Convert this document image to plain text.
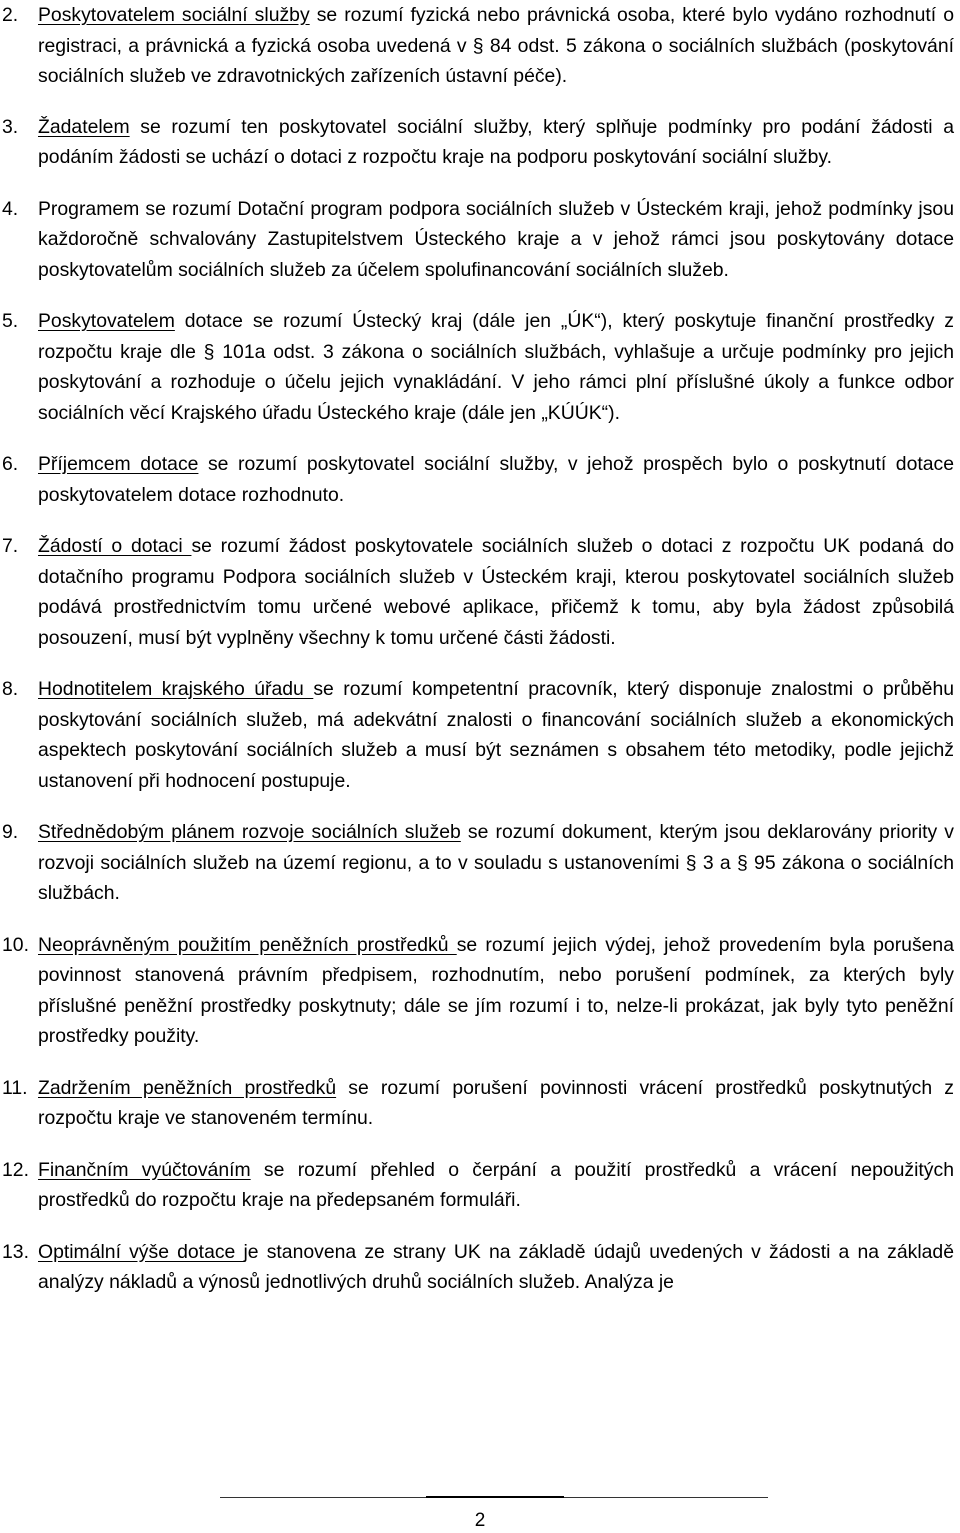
2. Poskytovatelem sociální služby se rozumí fyzická nebo právnická osoba, které bylo vydáno rozhodnutí o registraci, a právnická a fyzická osoba uvedená v § 84 odst. 5 zákona o sociálních službách (poskytování sociálních služeb ve zdravotnických zařízeních ústavní péče).
3. Žadatelem se rozumí ten poskytovatel sociální služby, který splňuje podmínky pro podání žádosti a podáním žádosti se uchází o dotaci z rozpočtu kraje na podporu poskytování sociální služby.
4. Programem se rozumí Dotační program podpora sociálních služeb v Ústeckém kraji, jehož podmínky jsou každoročně schvalovány Zastupitelstvem Ústeckého kraje a v jehož rámci jsou poskytovány dotace poskytovatelům sociálních služeb za účelem spolufinancování sociálních služeb.
5. Poskytovatelem dotace se rozumí Ústecký kraj (dále jen „ÚK“), který poskytuje finanční prostředky z rozpočtu kraje dle § 101a odst. 3 zákona o sociálních službách, vyhlašuje a určuje podmínky pro jejich poskytování a rozhoduje o účelu jejich vynakládání. V jeho rámci plní příslušné úkoly a funkce odbor sociálních věcí Krajského úřadu Ústeckého kraje (dále jen „KÚÚK“).
6. Příjemcem dotace se rozumí poskytovatel sociální služby, v jehož prospěch bylo o poskytnutí dotace poskytovatelem dotace rozhodnuto.
7. Žádostí o dotaci se rozumí žádost poskytovatele sociálních služeb o dotaci z rozpočtu UK podaná do dotačního programu Podpora sociálních služeb v Ústeckém kraji, kterou poskytovatel sociálních služeb podává prostřednictvím tomu určené webové aplikace, přičemž k tomu, aby byla žádost způsobilá posouzení, musí být vyplněny všechny k tomu určené části žádosti.
8. Hodnotitelem krajského úřadu se rozumí kompetentní pracovník, který disponuje znalostmi o průběhu poskytování sociálních služeb, má adekvátní znalosti o financování sociálních služeb a ekonomických aspektech poskytování sociálních služeb a musí být seznámen s obsahem této metodiky, podle jejichž ustanovení při hodnocení postupuje.
9. Střednědobým plánem rozvoje sociálních služeb se rozumí dokument, kterým jsou deklarovány priority v rozvoji sociálních služeb na území regionu, a to v souladu s ustanoveními § 3 a § 95 zákona o sociálních službách.
10. Neoprávněným použitím peněžních prostředků se rozumí jejich výdej, jehož provedením byla porušena povinnost stanovená právním předpisem, rozhodnutím, nebo porušení podmínek, za kterých byly příslušné peněžní prostředky poskytnuty; dále se jím rozumí i to, nelze-li prokázat, jak byly tyto peněžní prostředky použity.
11. Zadržením peněžních prostředků se rozumí porušení povinnosti vrácení prostředků poskytnutých z rozpočtu kraje ve stanoveném termínu.
12. Finančním vyúčtováním se rozumí přehled o čerpání a použití prostředků a vrácení nepoužitých prostředků do rozpočtu kraje na předepsaném formuláři.
13. Optimální výše dotace je stanovena ze strany UK na základě údajů uvedených v žádosti a na základě analýzy nákladů a výnosů jednotlivých druhů sociálních služeb. Analýza je
2
